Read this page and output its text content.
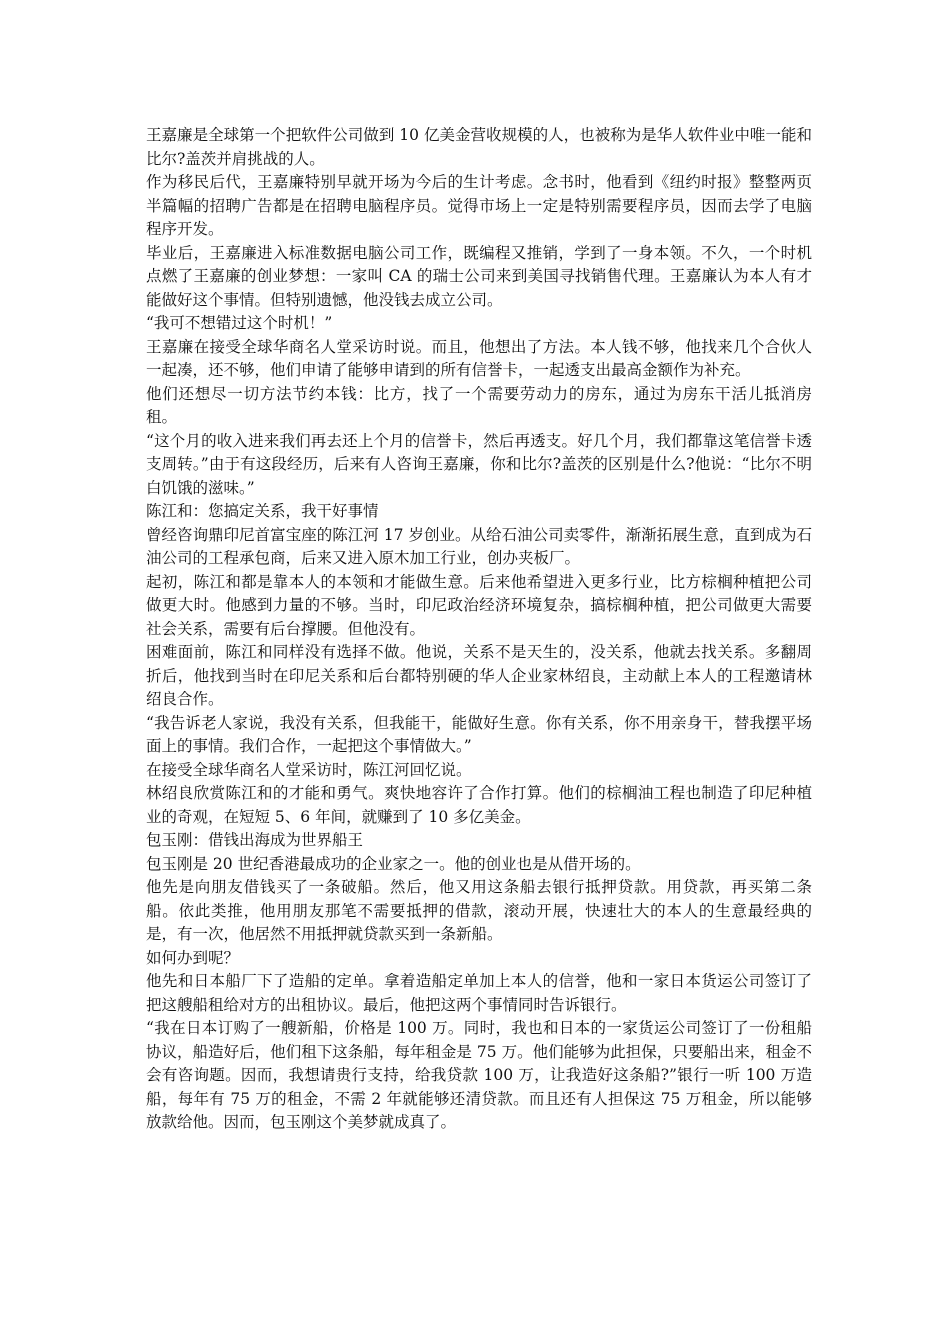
王嘉廉是全球第一个把软件公司做到 10 亿美金营收规模的人，也被称为是华人软件业中唯一能和比尔?盖茨并肩挑战的人。

作为移民后代，王嘉廉特别早就开场为今后的生计考虑。念书时，他看到《纽约时报》整整两页半篇幅的招聘广告都是在招聘电脑程序员。觉得市场上一定是特别需要程序员，因而去学了电脑程序开发。

毕业后，王嘉廉进入标准数据电脑公司工作，既编程又推销，学到了一身本领。不久，一个时机点燃了王嘉廉的创业梦想：一家叫 CA 的瑞士公司来到美国寻找销售代理。王嘉廉认为本人有才能做好这个事情。但特别遗憾，他没钱去成立公司。

“我可不想错过这个时机！”

王嘉廉在接受全球华商名人堂采访时说。而且，他想出了方法。本人钱不够，他找来几个合伙人一起凑，还不够，他们申请了能够申请到的所有信誉卡，一起透支出最高金额作为补充。

他们还想尽一切方法节约本钱：比方，找了一个需要劳动力的房东，通过为房东干活儿抵消房租。

“这个月的收入进来我们再去还上个月的信誉卡，然后再透支。好几个月，我们都靠这笔信誉卡透支周转。”由于有这段经历，后来有人咨询王嘉廉，你和比尔?盖茨的区别是什么?他说：“比尔不明白饥饿的滋味。”

陈江和：您搞定关系，我干好事情

曾经咨询鼎印尼首富宝座的陈江河 17 岁创业。从给石油公司卖零件，渐渐拓展生意，直到成为石油公司的工程承包商，后来又进入原木加工行业，创办夹板厂。

起初，陈江和都是靠本人的本领和才能做生意。后来他希望进入更多行业，比方棕榈种植把公司做更大时。他感到力量的不够。当时，印尼政治经济环境复杂，搞棕榈种植，把公司做更大需要社会关系，需要有后台撑腰。但他没有。

困难面前，陈江和同样没有选择不做。他说，关系不是天生的，没关系，他就去找关系。多翻周折后，他找到当时在印尼关系和后台都特别硬的华人企业家林绍良，主动献上本人的工程邀请林绍良合作。

“我告诉老人家说，我没有关系，但我能干，能做好生意。你有关系，你不用亲身干，替我摆平场面上的事情。我们合作，一起把这个事情做大。”

在接受全球华商名人堂采访时，陈江河回忆说。

林绍良欣赏陈江和的才能和勇气。爽快地容许了合作打算。他们的棕榈油工程也制造了印尼种植业的奇观，在短短 5、6 年间，就赚到了 10 多亿美金。

包玉刚：借钱出海成为世界船王

包玉刚是 20 世纪香港最成功的企业家之一。他的创业也是从借开场的。

他先是向朋友借钱买了一条破船。然后，他又用这条船去银行抵押贷款。用贷款，再买第二条船。依此类推，他用朋友那笔不需要抵押的借款，滚动开展，快速壮大的本人的生意最经典的是，有一次，他居然不用抵押就贷款买到一条新船。

如何办到呢？

他先和日本船厂下了造船的定单。拿着造船定单加上本人的信誉，他和一家日本货运公司签订了把这艘船租给对方的出租协议。最后，他把这两个事情同时告诉银行。

“我在日本订购了一艘新船，价格是 100 万。同时，我也和日本的一家货运公司签订了一份租船协议，船造好后，他们租下这条船，每年租金是 75 万。他们能够为此担保，只要船出来，租金不会有咨询题。因而，我想请贵行支持，给我贷款 100 万，让我造好这条船?”银行一听 100 万造船，每年有 75 万的租金，不需 2 年就能够还清贷款。而且还有人担保这 75 万租金，所以能够放款给他。因而，包玉刚这个美梦就成真了。
